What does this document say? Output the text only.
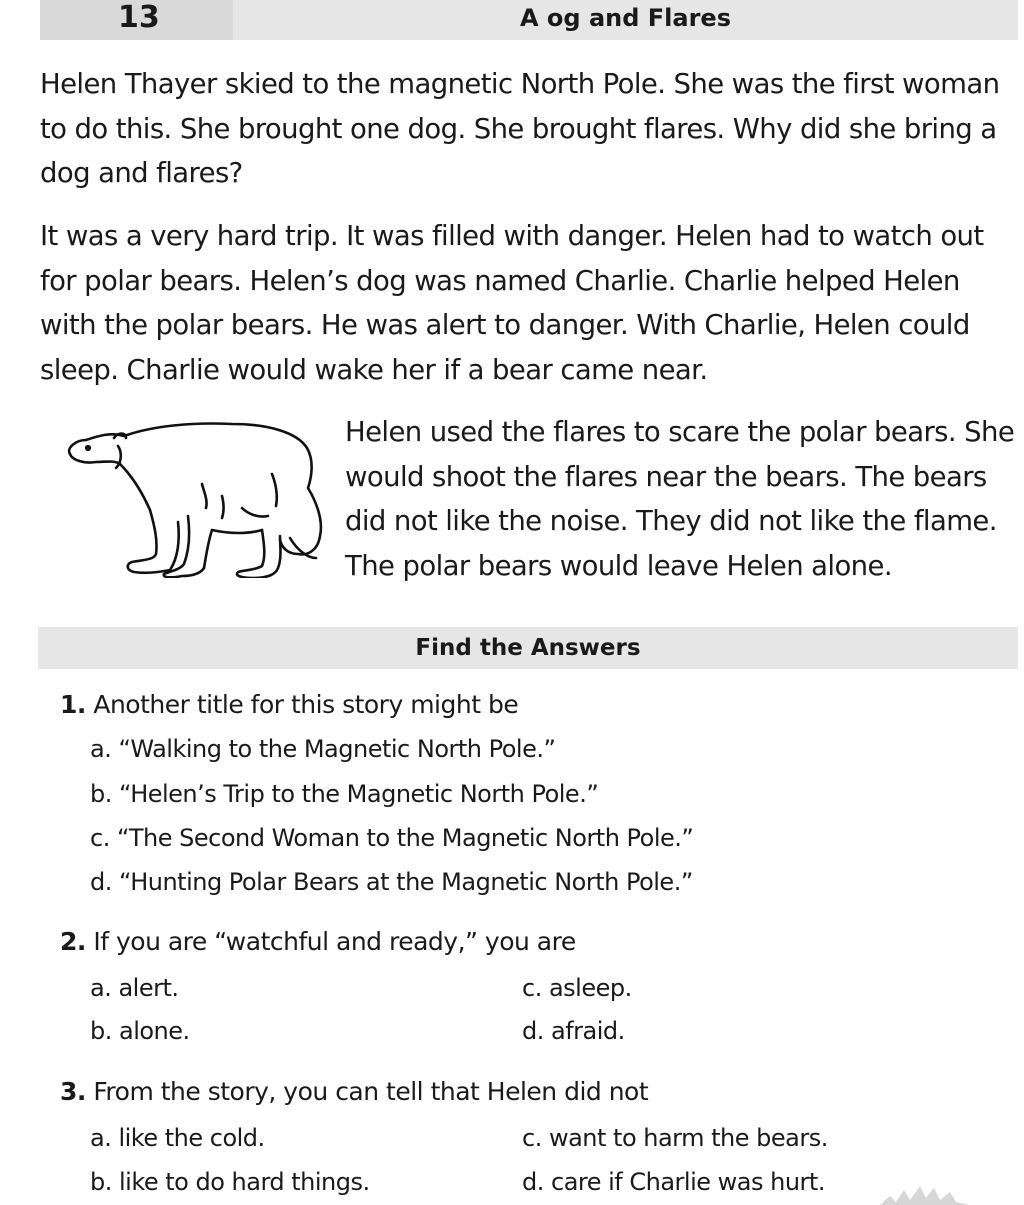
13	A og and Flares

Helen Thayer skied to the magnetic North Pole. She was the first woman to do this. She brought one dog. She brought flares. Why did she bring a dog and flares?

It was a very hard trip. It was filled with danger. Helen had to watch out for polar bears. Helen’s dog was named Charlie. Charlie helped Helen with the polar bears. He was alert to danger. With Charlie, Helen could sleep. Charlie would wake her if a bear came near.

Helen used the flares to scare the polar bears. She would shoot the flares near the bears. The bears did not like the noise. They did not like the flame. The polar bears would leave Helen alone.

Find the Answers

1. Another title for this story might be

a. “Walking to the Magnetic North Pole.”
b. “Helen’s Trip to the Magnetic North Pole.”
c. “The Second Woman to the Magnetic North Pole.”
d. “Hunting Polar Bears at the Magnetic North Pole.”

2. If you are “watchful and ready,” you are

a. alert.	c. asleep.
b. alone.	d. afraid.

3. From the story, you can tell that Helen did not

a. like the cold.	c. want to harm the bears.
b. like to do hard things.	d. care if Charlie was hurt.
